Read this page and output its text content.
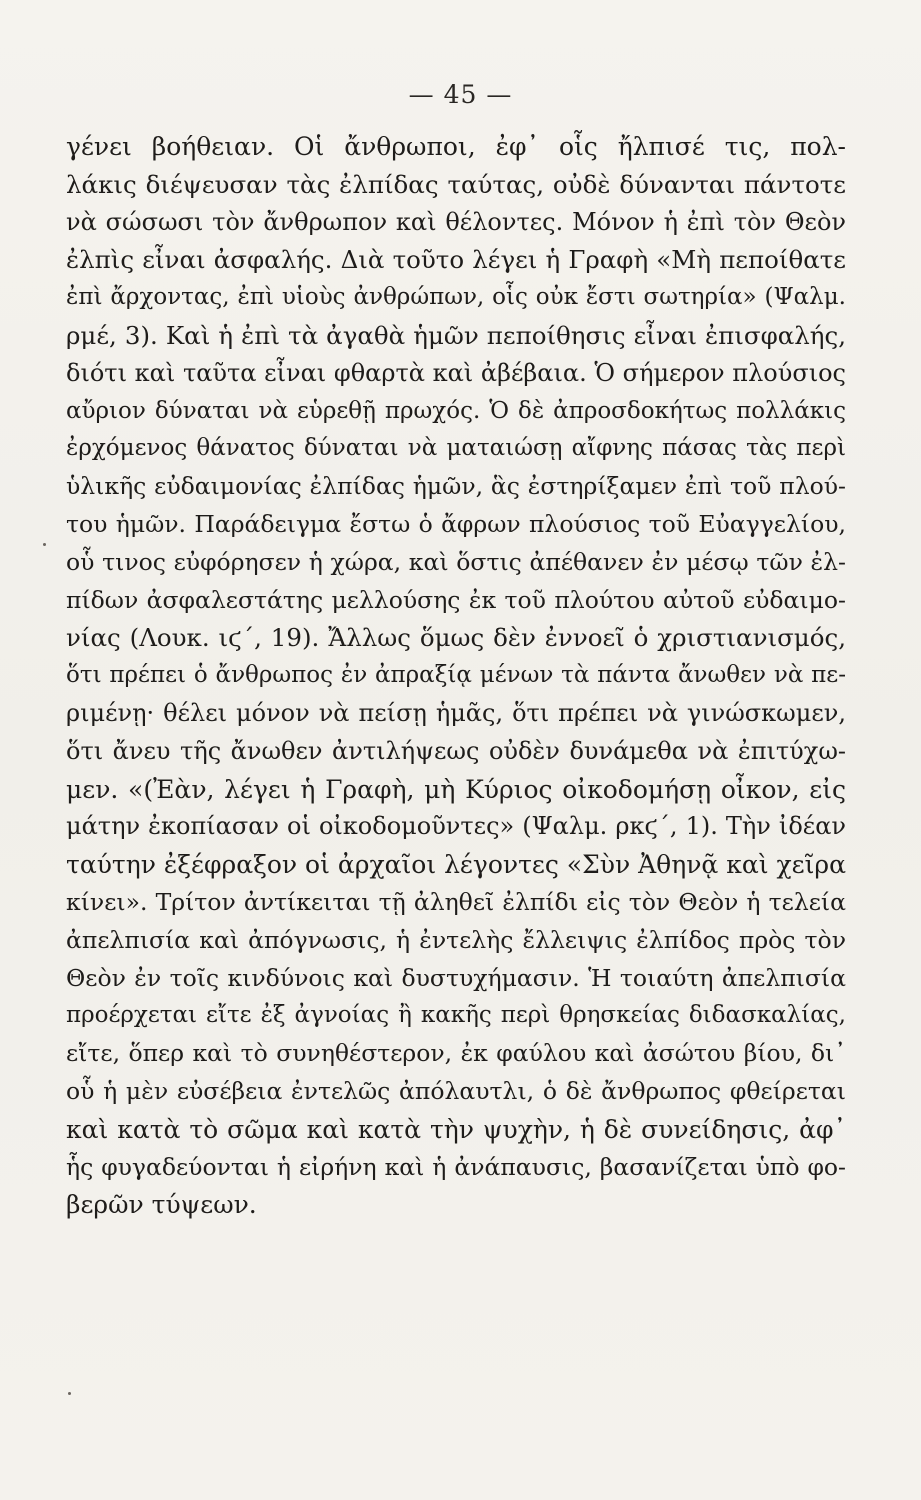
— 45 —
γένει βοήθειαν. Οἱ ἄνθρωποι, ἐφ᾽ οἷς ἤλπισέ τις, πολ-
λάκις διέψευσαν τὰς ἐλπίδας ταύτας, οὐδὲ δύνανται πάντοτε
νὰ σώσωσι τὸν ἄνθρωπον καὶ θέλοντες. Μόνον ἡ ἐπὶ τὸν Θεὸν
ἐλπὶς εἶναι ἀσφαλής. Διὰ τοῦτο λέγει ἡ Γραφὴ «Μὴ πεποίθατε
ἐπὶ ἄρχοντας, ἐπὶ υἱοὺς ἀνθρώπων, οἷς οὐκ ἔστι σωτηρία» (Ψαλμ.
ρμέ, 3). Καὶ ἡ ἐπὶ τὰ ἀγαθὰ ἡμῶν πεποίθησις εἶναι ἐπισφαλής,
διότι καὶ ταῦτα εἶναι φθαρτὰ καὶ ἀβέβαια. Ὁ σήμερον πλούσιος
αὔριον δύναται νὰ εὑρεθῇ πρωχός. Ὁ δὲ ἀπροσδοκήτως πολλάκις
ἐρχόμενος θάνατος δύναται νὰ ματαιώσῃ αἴφνης πάσας τὰς περὶ
ὑλικῆς εὐδαιμονίας ἐλπίδας ἡμῶν, ἃς ἐστηρίξαμεν ἐπὶ τοῦ πλού-
του ἡμῶν. Παράδειγμα ἔστω ὁ ἄφρων πλούσιος τοῦ Εὐαγγελίου,
οὗ τινος εὐφόρησεν ἡ χώρα, καὶ ὅστις ἀπέθανεν ἐν μέσῳ τῶν ἐλ-
πίδων ἀσφαλεστάτης μελλούσης ἐκ τοῦ πλούτου αὐτοῦ εὐδαιμο-
νίας (Λουκ. ιϛ΄, 19). Ἄλλως ὅμως δὲν ἐννοεῖ ὁ χριστιανισμός,
ὅτι πρέπει ὁ ἄνθρωπος ἐν ἀπραξίᾳ μένων τὰ πάντα ἄνωθεν νὰ πε-
ριμένῃ· θέλει μόνον νὰ πείσῃ ἡμᾶς, ὅτι πρέπει νὰ γινώσκωμεν,
ὅτι ἄνευ τῆς ἄνωθεν ἀντιλήψεως οὐδὲν δυνάμεθα νὰ ἐπιτύχω-
μεν. «(Ἐὰν, λέγει ἡ Γραφὴ, μὴ Κύριος οἰκοδομήσῃ οἶκον, εἰς
μάτην ἐκοπίασαν οἱ οἰκοδομοῦντες» (Ψαλμ. ρκϛ΄, 1). Τὴν ἰδέαν
ταύτην ἐξέφραξον οἱ ἀρχαῖοι λέγοντες «Σὺν Ἀθηνᾷ καὶ χεῖρα
κίνει». Τρίτον ἀντίκειται τῇ ἀληθεῖ ἐλπίδι εἰς τὸν Θεὸν ἡ τελεία
ἀπελπισία καὶ ἀπόγνωσις, ἡ ἐντελὴς ἔλλειψις ἐλπίδος πρὸς τὸν
Θεὸν ἐν τοῖς κινδύνοις καὶ δυστυχήμασιν. Ἡ τοιαύτη ἀπελπισία
προέρχεται εἴτε ἐξ ἀγνοίας ἢ κακῆς περὶ θρησκείας διδασκαλίας,
εἴτε, ὅπερ καὶ τὸ συνηθέστερον, ἐκ φαύλου καὶ ἀσώτου βίου, δι᾽
οὗ ἡ μὲν εὐσέβεια ἐντελῶς ἀπόλαυτλι, ὁ δὲ ἄνθρωπος φθείρεται
καὶ κατὰ τὸ σῶμα καὶ κατὰ τὴν ψυχὴν, ἡ δὲ συνείδησις, ἀφ᾽
ἧς φυγαδεύονται ἡ εἰρήνη καὶ ἡ ἀνάπαυσις, βασανίζεται ὑπὸ φο-
βερῶν τύψεων.
